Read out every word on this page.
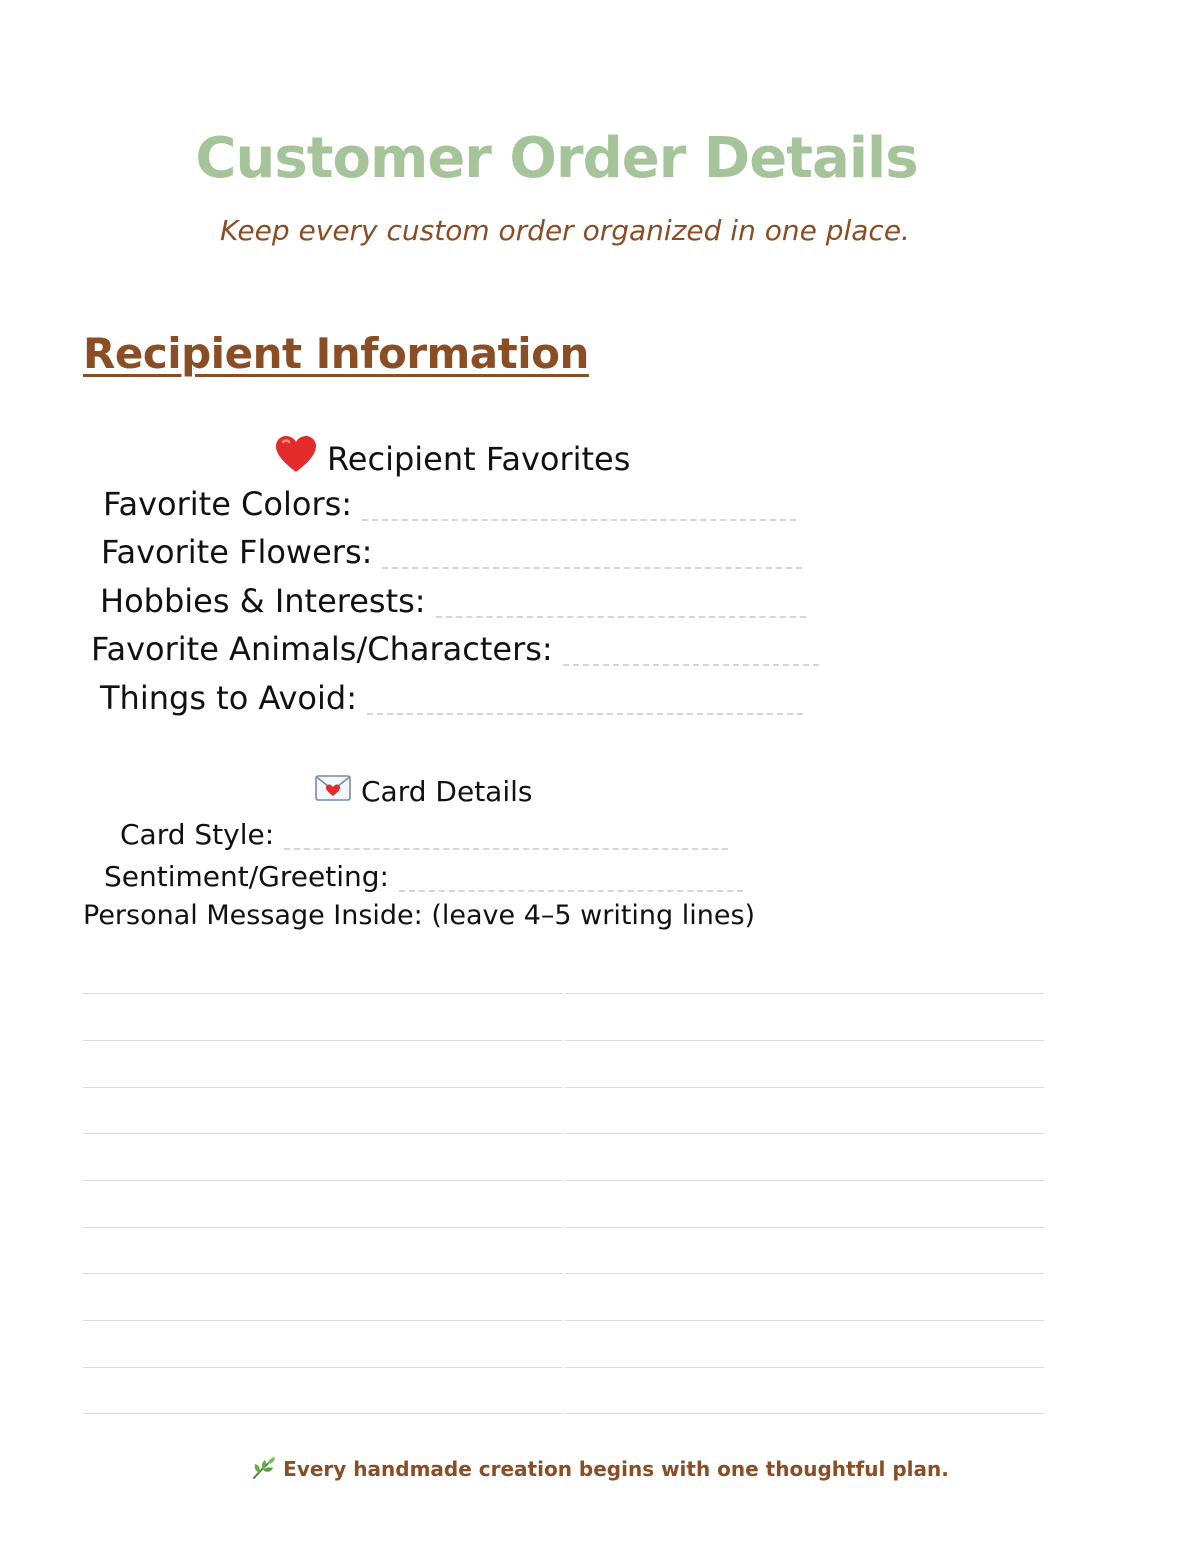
Customer Order Details

Keep every custom order organized in one place.

Recipient Information
Recipient Favorites
Favorite Colors:
Favorite Flowers:
Hobbies & Interests:
Favorite Animals/Characters:
Things to Avoid:
Card Details
Card Style:
Sentiment/Greeting:
Personal Message Inside: (leave 4–5 writing lines)
Every handmade creation begins with one thoughtful plan.
